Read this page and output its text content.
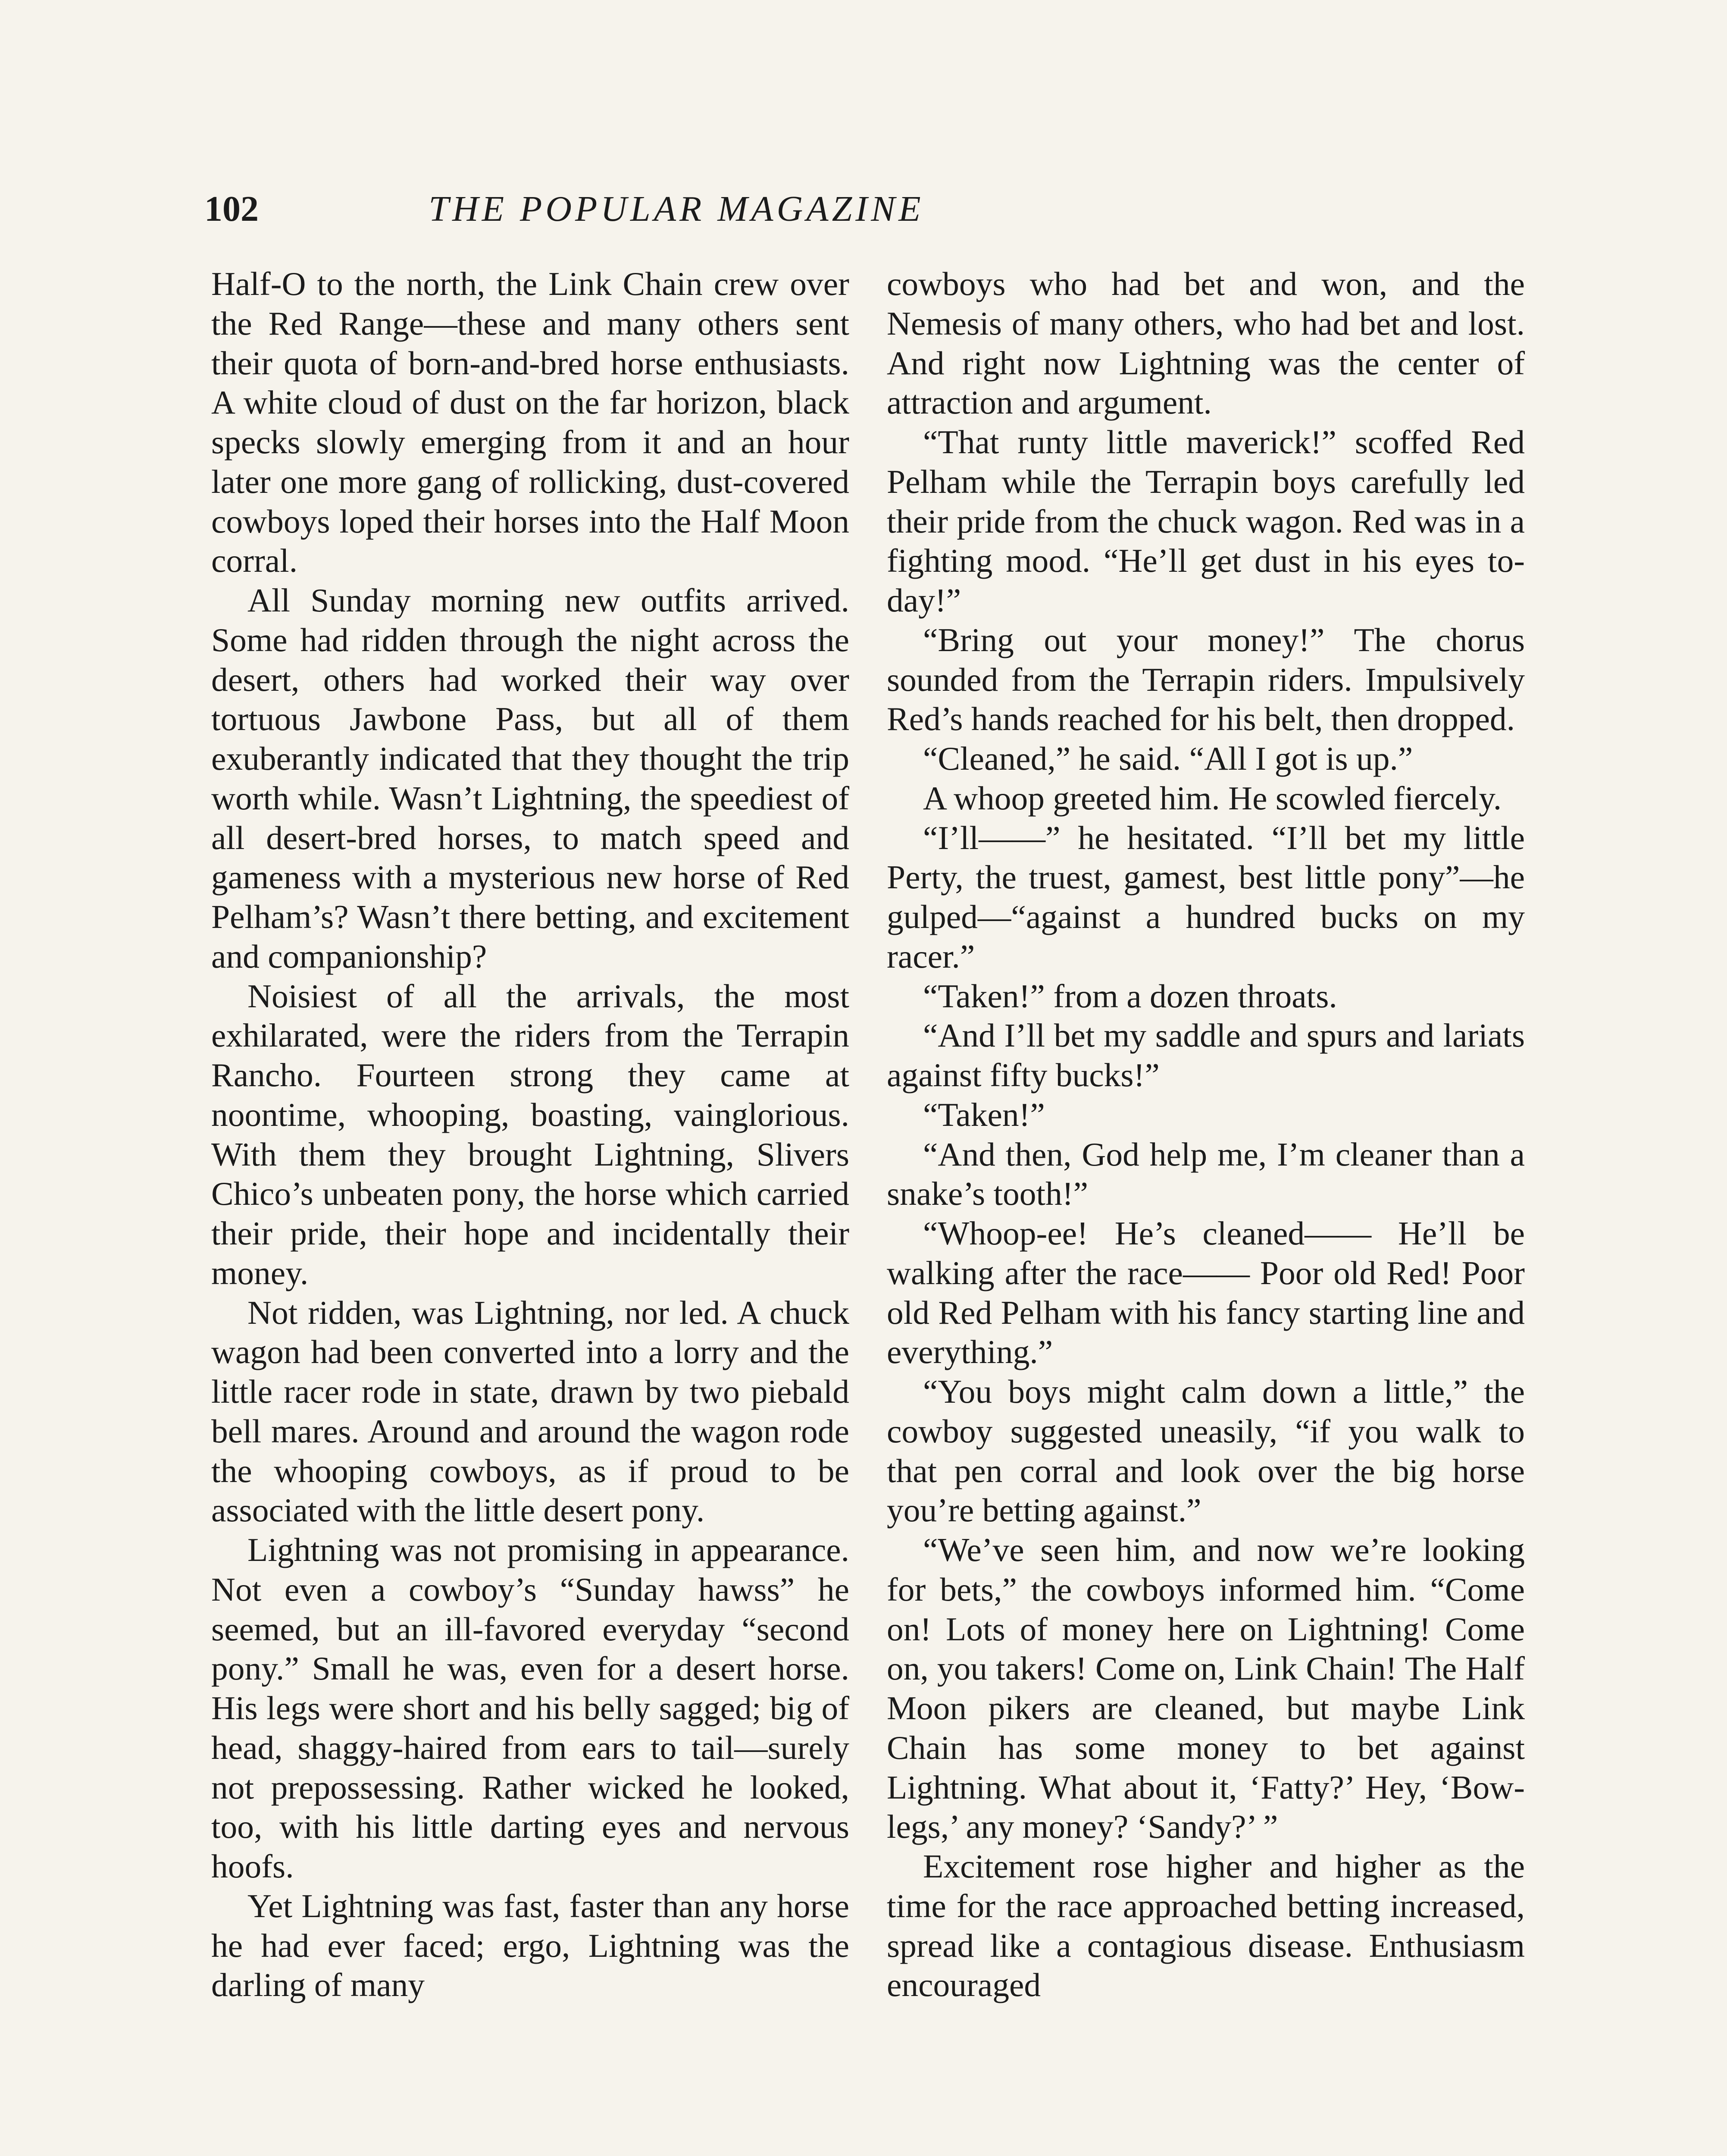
102	THE POPULAR MAGAZINE

Half-O to the north, the Link Chain crew over the Red Range—these and many others sent their quota of born-and-bred horse enthusiasts. A white cloud of dust on the far horizon, black specks slowly emerging from it and an hour later one more gang of rollicking, dust-covered cowboys loped their horses into the Half Moon corral.

All Sunday morning new outfits arrived. Some had ridden through the night across the desert, others had worked their way over tortuous Jawbone Pass, but all of them exuberantly indicated that they thought the trip worth while. Wasn’t Lightning, the speediest of all desert-bred horses, to match speed and gameness with a mysterious new horse of Red Pelham’s? Wasn’t there betting, and excitement and companionship?

Noisiest of all the arrivals, the most exhilarated, were the riders from the Terrapin Rancho. Fourteen strong they came at noontime, whooping, boasting, vainglorious. With them they brought Lightning, Slivers Chico’s unbeaten pony, the horse which carried their pride, their hope and incidentally their money.

Not ridden, was Lightning, nor led. A chuck wagon had been converted into a lorry and the little racer rode in state, drawn by two piebald bell mares. Around and around the wagon rode the whooping cowboys, as if proud to be associated with the little desert pony.

Lightning was not promising in appearance. Not even a cowboy’s “Sunday hawss” he seemed, but an ill-favored everyday “second pony.” Small he was, even for a desert horse. His legs were short and his belly sagged; big of head, shaggy-haired from ears to tail—surely not prepossessing. Rather wicked he looked, too, with his little darting eyes and nervous hoofs.

Yet Lightning was fast, faster than any horse he had ever faced; ergo, Lightning was the darling of many

cowboys who had bet and won, and the Nemesis of many others, who had bet and lost. And right now Lightning was the center of attraction and argument.

“That runty little maverick!” scoffed Red Pelham while the Terrapin boys carefully led their pride from the chuck wagon. Red was in a fighting mood. “He’ll get dust in his eyes to-day!”

“Bring out your money!” The chorus sounded from the Terrapin riders. Impulsively Red’s hands reached for his belt, then dropped.

“Cleaned,” he said. “All I got is up.”

A whoop greeted him. He scowled fiercely.

“I’ll——” he hesitated. “I’ll bet my little Perty, the truest, gamest, best little pony”—he gulped—“against a hundred bucks on my racer.”

“Taken!” from a dozen throats.

“And I’ll bet my saddle and spurs and lariats against fifty bucks!”

“Taken!”

“And then, God help me, I’m cleaner than a snake’s tooth!”

“Whoop-ee! He’s cleaned—— He’ll be walking after the race—— Poor old Red! Poor old Red Pelham with his fancy starting line and everything.”

“You boys might calm down a little,” the cowboy suggested uneasily, “if you walk to that pen corral and look over the big horse you’re betting against.”

“We’ve seen him, and now we’re looking for bets,” the cowboys informed him. “Come on! Lots of money here on Lightning! Come on, you takers! Come on, Link Chain! The Half Moon pikers are cleaned, but maybe Link Chain has some money to bet against Lightning. What about it, ‘Fatty?’ Hey, ‘Bow-legs,’ any money? ‘Sandy?’ ”

Excitement rose higher and higher as the time for the race approached betting increased, spread like a contagious disease. Enthusiasm encouraged
